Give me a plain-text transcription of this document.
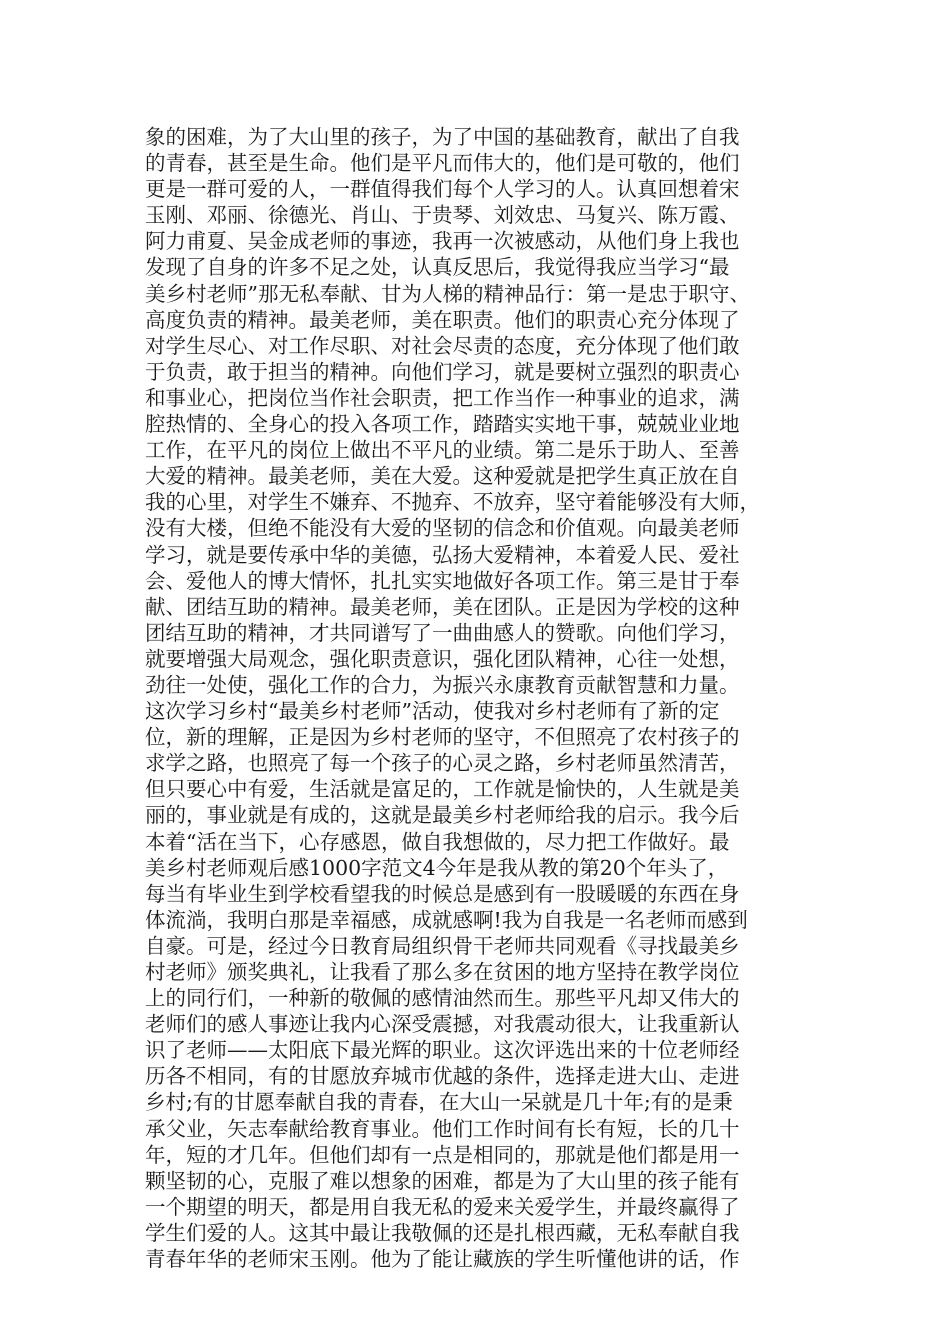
象的困难，为了大山里的孩子，为了中国的基础教育，献出了自我
的青春，甚至是生命。他们是平凡而伟大的，他们是可敬的，他们
更是一群可爱的人，一群值得我们每个人学习的人。认真回想着宋
玉刚、邓丽、徐德光、肖山、于贵琴、刘效忠、马复兴、陈万霞、
阿力甫夏、吴金成老师的事迹，我再一次被感动，从他们身上我也
发现了自身的许多不足之处，认真反思后，我觉得我应当学习“最
美乡村老师”那无私奉献、甘为人梯的精神品行：第一是忠于职守、
高度负责的精神。最美老师，美在职责。他们的职责心充分体现了
对学生尽心、对工作尽职、对社会尽责的态度，充分体现了他们敢
于负责，敢于担当的精神。向他们学习，就是要树立强烈的职责心
和事业心，把岗位当作社会职责，把工作当作一种事业的追求，满
腔热情的、全身心的投入各项工作，踏踏实实地干事，兢兢业业地
工作，在平凡的岗位上做出不平凡的业绩。第二是乐于助人、至善
大爱的精神。最美老师，美在大爱。这种爱就是把学生真正放在自
我的心里，对学生不嫌弃、不抛弃、不放弃，坚守着能够没有大师，
没有大楼，但绝不能没有大爱的坚韧的信念和价值观。向最美老师
学习，就是要传承中华的美德，弘扬大爱精神，本着爱人民、爱社
会、爱他人的博大情怀，扎扎实实地做好各项工作。第三是甘于奉
献、团结互助的精神。最美老师，美在团队。正是因为学校的这种
团结互助的精神，才共同谱写了一曲曲感人的赞歌。向他们学习，
就要增强大局观念，强化职责意识，强化团队精神，心往一处想，
劲往一处使，强化工作的合力，为振兴永康教育贡献智慧和力量。
这次学习乡村“最美乡村老师”活动，使我对乡村老师有了新的定
位，新的理解，正是因为乡村老师的坚守，不但照亮了农村孩子的
求学之路，也照亮了每一个孩子的心灵之路，乡村老师虽然清苦，
但只要心中有爱，生活就是富足的，工作就是愉快的，人生就是美
丽的，事业就是有成的，这就是最美乡村老师给我的启示。我今后
本着“活在当下，心存感恩，做自我想做的，尽力把工作做好。最
美乡村老师观后感1000字范文4今年是我从教的第20个年头了，
每当有毕业生到学校看望我的时候总是感到有一股暖暖的东西在身
体流淌，我明白那是幸福感，成就感啊!我为自我是一名老师而感到
自豪。可是，经过今日教育局组织骨干老师共同观看《寻找最美乡
村老师》颁奖典礼，让我看了那么多在贫困的地方坚持在教学岗位
上的同行们，一种新的敬佩的感情油然而生。那些平凡却又伟大的
老师们的感人事迹让我内心深受震撼，对我震动很大，让我重新认
识了老师——太阳底下最光辉的职业。这次评选出来的十位老师经
历各不相同，有的甘愿放弃城市优越的条件，选择走进大山、走进
乡村;有的甘愿奉献自我的青春，在大山一呆就是几十年;有的是秉
承父业，矢志奉献给教育事业。他们工作时间有长有短，长的几十
年，短的才几年。但他们却有一点是相同的，那就是他们都是用一
颗坚韧的心，克服了难以想象的困难，都是为了大山里的孩子能有
一个期望的明天，都是用自我无私的爱来关爱学生，并最终赢得了
学生们爱的人。这其中最让我敬佩的还是扎根西藏，无私奉献自我
青春年华的老师宋玉刚。他为了能让藏族的学生听懂他讲的话，作
